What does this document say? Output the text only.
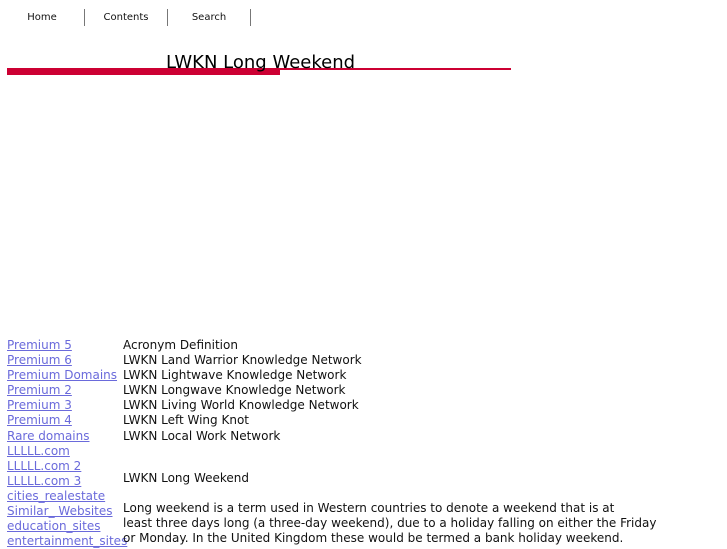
Home	Contents	Search
LWKN Long Weekend
Premium 5
Premium 6
Premium Domains
Premium 2
Premium 3
Premium 4
Rare domains
LLLLL.com
LLLLL.com 2
LLLLL.com 3
cities_realestate
Similar_ Websites
education_sites
entertainment_sites
Acronym Definition
LWKN Land Warrior Knowledge Network
LWKN Lightwave Knowledge Network
LWKN Longwave Knowledge Network
LWKN Living World Knowledge Network
LWKN Left Wing Knot
LWKN Local Work Network
LWKN Long Weekend
Long weekend is a term used in Western countries to denote a weekend that is at
least three days long (a three-day weekend), due to a holiday falling on either the Friday
or Monday. In the United Kingdom these would be termed a bank holiday weekend.
